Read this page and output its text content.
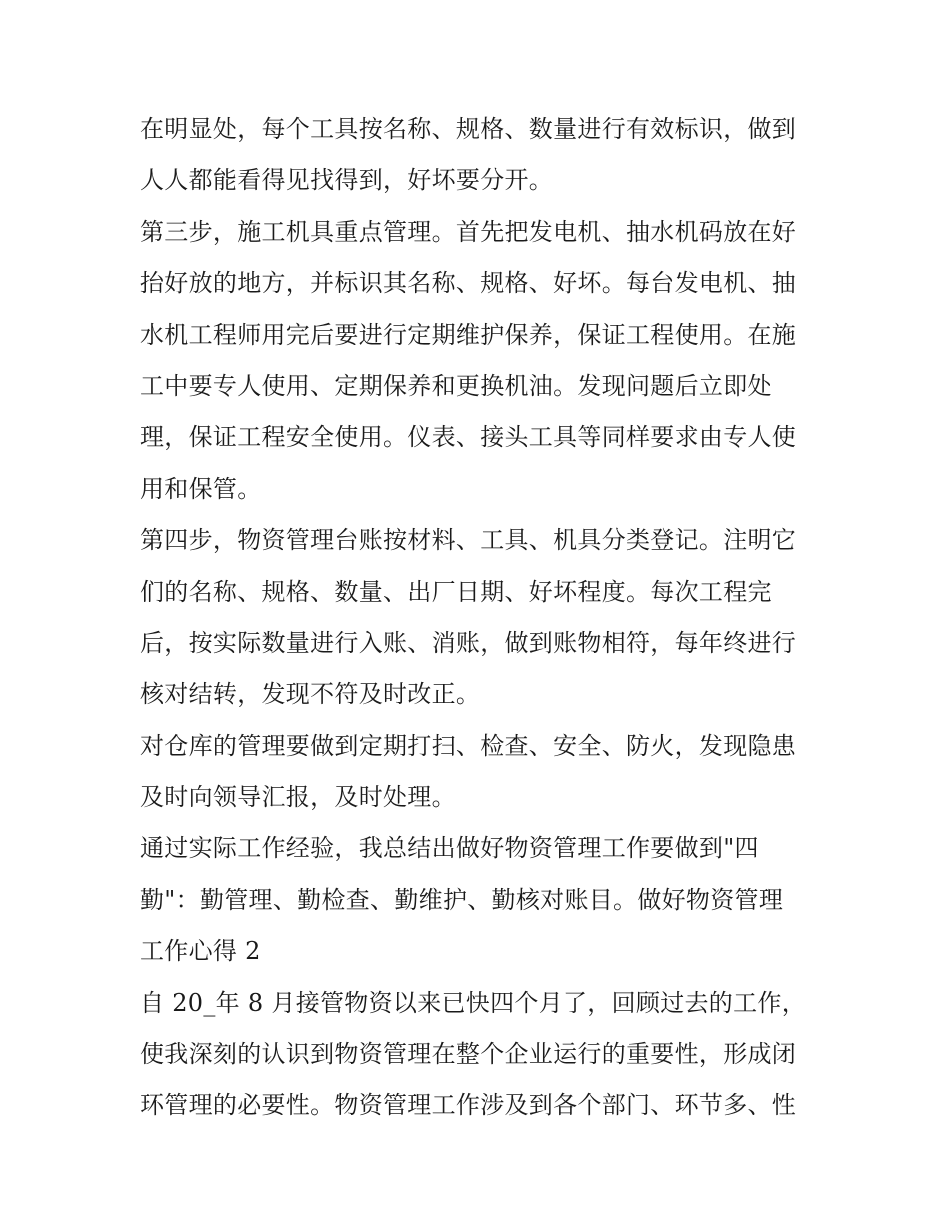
在明显处，每个工具按名称、规格、数量进行有效标识，做到
人人都能看得见找得到，好坏要分开。
第三步，施工机具重点管理。首先把发电机、抽水机码放在好
抬好放的地方，并标识其名称、规格、好坏。每台发电机、抽
水机工程师用完后要进行定期维护保养，保证工程使用。在施
工中要专人使用、定期保养和更换机油。发现问题后立即处
理，保证工程安全使用。仪表、接头工具等同样要求由专人使
用和保管。
第四步，物资管理台账按材料、工具、机具分类登记。注明它
们的名称、规格、数量、出厂日期、好坏程度。每次工程完
后，按实际数量进行入账、消账，做到账物相符，每年终进行
核对结转，发现不符及时改正。
对仓库的管理要做到定期打扫、检查、安全、防火，发现隐患
及时向领导汇报，及时处理。
通过实际工作经验，我总结出做好物资管理工作要做到"四
勤"：勤管理、勤检查、勤维护、勤核对账目。做好物资管理
工作心得 2
自 20_年 8 月接管物资以来已快四个月了，回顾过去的工作，
使我深刻的认识到物资管理在整个企业运行的重要性，形成闭
环管理的必要性。物资管理工作涉及到各个部门、环节多、性
